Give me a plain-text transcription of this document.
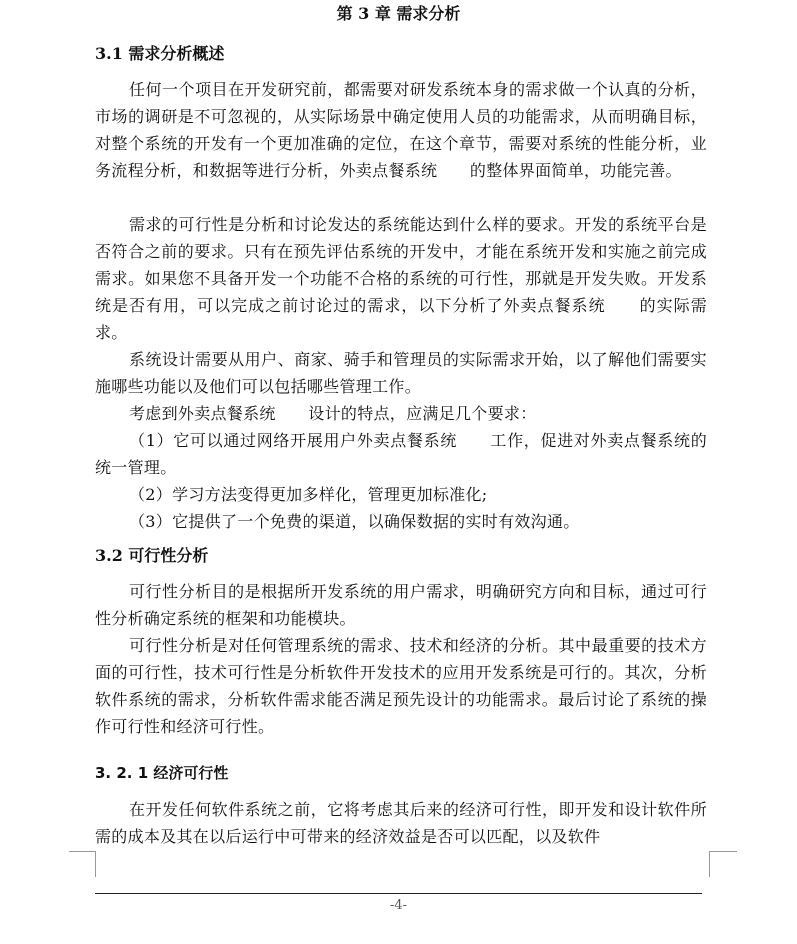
第 3 章 需求分析
3.1 需求分析概述

任何一个项目在开发研究前，都需要对研发系统本身的需求做一个认真的分析，市场的调研是不可忽视的，从实际场景中确定使用人员的功能需求，从而明确目标，对整个系统的开发有一个更加准确的定位，在这个章节，需要对系统的性能分析，业务流程分析，和数据等进行分析，外卖点餐系统　　的整体界面简单，功能完善。

需求的可行性是分析和讨论发达的系统能达到什么样的要求。开发的系统平台是否符合之前的要求。只有在预先评估系统的开发中，才能在系统开发和实施之前完成需求。如果您不具备开发一个功能不合格的系统的可行性，那就是开发失败。开发系统是否有用，可以完成之前讨论过的需求，以下分析了外卖点餐系统　　的实际需求。

系统设计需要从用户、商家、骑手和管理员的实际需求开始，以了解他们需要实施哪些功能以及他们可以包括哪些管理工作。

考虑到外卖点餐系统　　设计的特点，应满足几个要求：

（1）它可以通过网络开展用户外卖点餐系统　　工作，促进对外卖点餐系统的统一管理。

（2）学习方法变得更加多样化，管理更加标准化;

（3）它提供了一个免费的渠道，以确保数据的实时有效沟通。

3.2 可行性分析

可行性分析目的是根据所开发系统的用户需求，明确研究方向和目标，通过可行性分析确定系统的框架和功能模块。

可行性分析是对任何管理系统的需求、技术和经济的分析。其中最重要的技术方面的可行性，技术可行性是分析软件开发技术的应用开发系统是可行的。其次，分析软件系统的需求，分析软件需求能否满足预先设计的功能需求。最后讨论了系统的操作可行性和经济可行性。

3. 2. 1 经济可行性

在开发任何软件系统之前，它将考虑其后来的经济可行性，即开发和设计软件所需的成本及其在以后运行中可带来的经济效益是否可以匹配，以及软件

-4-
